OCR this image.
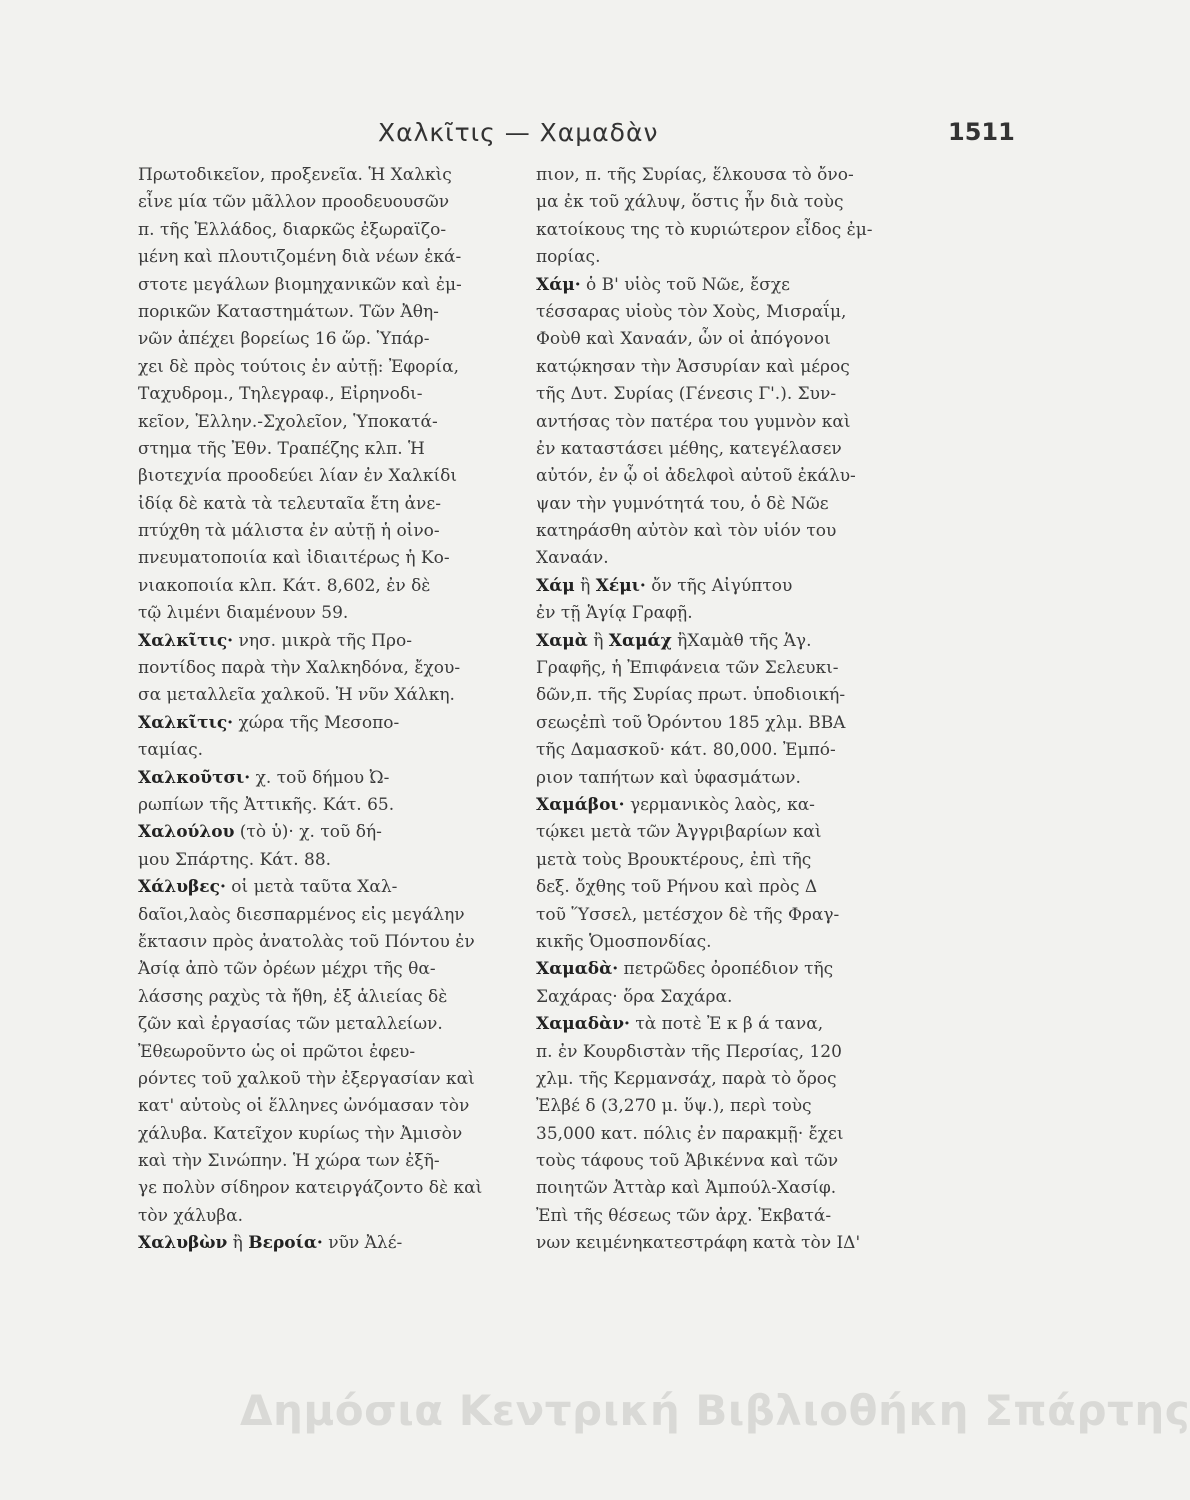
Χαλκῖτις — Χαμαδὰν	1511
Πρωτοδικεῖον, προξενεῖα. Ἡ Χαλκὶς
εἶνε μία τῶν μᾶλλον προοδευουσῶν
π. τῆς Ἑλλάδος, διαρκῶς ἐξωραϊζο-
μένη καὶ πλουτιζομένη διὰ νέων ἑκά-
στοτε μεγάλων βιομηχανικῶν καὶ ἐμ-
πορικῶν Καταστημάτων. Τῶν Ἀθη-
νῶν ἀπέχει βορείως 16 ὥρ. Ὑπάρ-
χει δὲ πρὸς τούτοις ἐν αὐτῇ: Ἐφορία,
Ταχυδρομ., Τηλεγραφ., Εἰρηνοδι-
κεῖον, Ἑλλην.-Σχολεῖον, Ὑποκατά-
στημα τῆς Ἐθν. Τραπέζης κλπ. Ἡ
βιοτεχνία προοδεύει λίαν ἐν Χαλκίδι
ἰδίᾳ δὲ κατὰ τὰ τελευταῖα ἔτη ἀνε-
πτύχθη τὰ μάλιστα ἐν αὐτῇ ἡ οἰνο-
πνευματοποιία καὶ ἰδιαιτέρως ἡ Κο-
νιακοποιία κλπ. Κάτ. 8,602, ἐν δὲ
τῷ λιμένι διαμένουν 59.
Χαλκῖτις· νησ. μικρὰ τῆς Προ-
ποντίδος παρὰ τὴν Χαλκηδόνα, ἔχου-
σα μεταλλεῖα χαλκοῦ. Ἡ νῦν Χάλκη.
Χαλκῖτις· χώρα τῆς Μεσοπο-
ταμίας.
Χαλκοῦτσι· χ. τοῦ δήμου Ὠ-
ρωπίων τῆς Ἀττικῆς. Κάτ. 65.
Χαλούλου (τὸ ὑ)· χ. τοῦ δή-
μου Σπάρτης. Κάτ. 88.
Χάλυβες· οἱ μετὰ ταῦτα Χαλ-
δαῖοι,λαὸς διεσπαρμένος εἰς μεγάλην
ἔκτασιν πρὸς ἀνατολὰς τοῦ Πόντου ἐν
Ἀσίᾳ ἀπὸ τῶν ὀρέων μέχρι τῆς θα-
λάσσης ραχὺς τὰ ἤθη, ἐξ ἁλιείας δὲ
ζῶν καὶ ἐργασίας τῶν μεταλλείων.
Ἐθεωροῦντο ὡς οἱ πρῶτοι ἐφευ-
ρόντες τοῦ χαλκοῦ τὴν ἐξεργασίαν καὶ
κατ' αὐτοὺς οἱ ἕλληνες ὠνόμασαν τὸν
χάλυβα. Κατεῖχον κυρίως τὴν Ἀμισὸν
καὶ τὴν Σινώπην. Ἡ χώρα των ἐξῆ-
γε πολὺν σίδηρον κατειργάζοντο δὲ καὶ
τὸν χάλυβα.
Χαλυβὼν ἢ Βεροία· νῦν Ἀλέ-
πιον, π. τῆς Συρίας, ἕλκουσα τὸ ὄνο-
μα ἐκ τοῦ χάλυψ, ὅστις ἦν διὰ τοὺς
κατοίκους της τὸ κυριώτερον εἶδος ἐμ-
πορίας.
Χάμ· ὁ Β' υἱὸς τοῦ Νῶε, ἔσχε
τέσσαρας υἱοὺς τὸν Χοὺς, Μισραΐμ,
Φοὺθ καὶ Χαναάν, ὧν οἱ ἀπόγονοι
κατῴκησαν τὴν Ἀσσυρίαν καὶ μέρος
τῆς Δυτ. Συρίας (Γένεσις Γ'.). Συν-
αντήσας τὸν πατέρα του γυμνὸν καὶ
ἐν καταστάσει μέθης, κατεγέλασεν
αὐτόν, ἐν ᾧ οἱ ἀδελφοὶ αὐτοῦ ἐκάλυ-
ψαν τὴν γυμνότητά του, ὁ δὲ Νῶε
κατηράσθη αὐτὸν καὶ τὸν υἱόν του
Χαναάν.
Χάμ ἢ Χέμι· ὄν τῆς Αἰγύπτου
ἐν τῇ Ἁγίᾳ Γραφῇ.
Χαμὰ ἢ Χαμάχ ἢΧαμὰθ τῆς Ἁγ.
Γραφῆς, ἡ Ἐπιφάνεια τῶν Σελευκι-
δῶν,π. τῆς Συρίας πρωτ. ὑποδιοική-
σεωςἐπὶ τοῦ Ὀρόντου 185 χλμ. ΒΒΑ
τῆς Δαμασκοῦ· κάτ. 80,000. Ἐμπό-
ριον ταπήτων καὶ ὑφασμάτων.
Χαμάβοι· γερμανικὸς λαὸς, κα-
τῴκει μετὰ τῶν Ἀγγριβαρίων καὶ
μετὰ τοὺς Βρουκτέρους, ἐπὶ τῆς
δεξ. ὄχθης τοῦ Ρήνου καὶ πρὸς Δ
τοῦ Ὕσσελ, μετέσχον δὲ τῆς Φραγ-
κικῆς Ὁμοσπονδίας.
Χαμαδὰ· πετρῶδες ὀροπέδιον τῆς
Σαχάρας· ὅρα Σαχάρα.
Χαμαδὰν· τὰ ποτὲ Ἐ κ β ά τανα,
π. ἐν Κουρδιστὰν τῆς Περσίας, 120
χλμ. τῆς Κερμανσάχ, παρὰ τὸ ὄρος
Ἐλβέ δ (3,270 μ. ὕψ.), περὶ τοὺς
35,000 κατ. πόλις ἐν παρακμῇ· ἔχει
τοὺς τάφους τοῦ Ἀβικέννα καὶ τῶν
ποιητῶν Ἀττὰρ καὶ Ἀμπούλ-Χασίφ.
Ἐπὶ τῆς θέσεως τῶν ἀρχ. Ἐκβατά-
νων κειμένηκατεστράφη κατὰ τὸν ΙΔ'
Δημόσια Κεντρική Βιβλιοθήκη Σπάρτης
